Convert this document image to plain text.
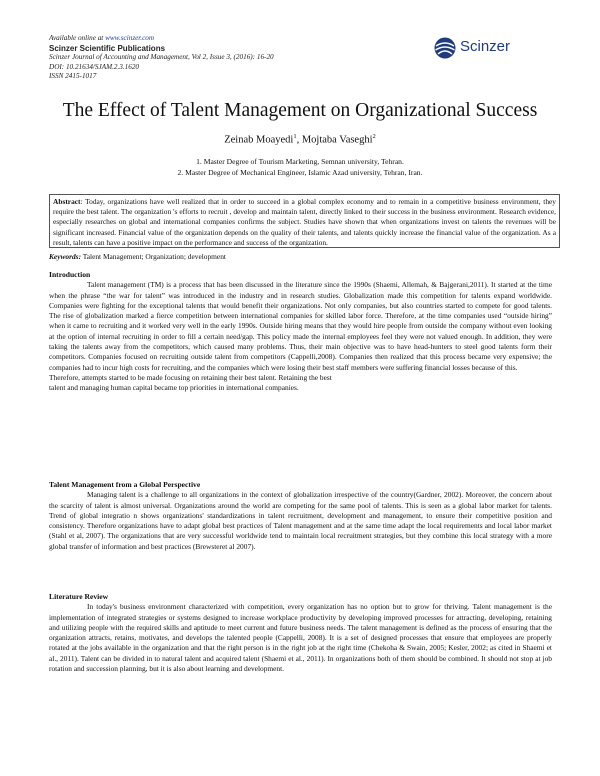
Available online at www.scinzer.com
Scinzer Scientific Publications
Scinzer Journal of Accounting and Management, Vol 2, Issue 3, (2016): 16-20
DOI: 10.21634/SJAM.2.3.1620
ISSN 2415-1017
Scinzer
The Effect of Talent Management on Organizational Success
Zeinab Moayedi$^1$, Mojtaba Vaseghi$^2$
1. Master Degree of Tourism Marketing, Semnan university, Tehran.
2. Master Degree of Mechanical Engineer, Islamic Azad university, Tehran, Iran.

Abstract: Today, organizations have well realized that in order to succeed in a global complex economy and to remain in a competitive business environment, they require the best talent. The organization 's efforts to recruit , develop and maintain talent, directly linked to their success in the business environment. Research evidence, especially researches on global and international companies confirms the subject. Studies have shown that when organizations invest on talents the revenues will be significant increased. Financial value of the organization depends on the quality of their talents, and talents quickly increase the financial value of the organization. As a result, talents can have a positive impact on the performance and success of the organization.

Keywords: Talent Management; Organization; development
Introduction

Talent management (TM) is a process that has been discussed in the literature since the 1990s (Shaemi, Allemah, & Bajgerani,2011). It started at the time when the phrase “the war for talent” was introduced in the industry and in research studies. Globalization made this competition for talents expand worldwide. Companies were fighting for the exceptional talents that would benefit their organizations. Not only companies, but also countries started to compete for good talents. The rise of globalization marked a fierce competition between international companies for skilled labor force. Therefore, at the time companies used “outside hiring” when it came to recruiting and it worked very well in the early 1990s. Outside hiring means that they would hire people from outside the company without even looking at the option of internal recruiting in order to fill a certain need/gap. This policy made the internal employees feel they were not valued enough. In addition, they were taking the talents away from the competitors, which caused many problems. Thus, their main objective was to have head-hunters to steel good talents form their competitors. Companies focused on recruiting outside talent from competitors (Cappelli,2008). Companies then realized that this process became very expensive; the companies had to incur high costs for recruiting, and the companies which were losing their best staff members were suffering financial losses because of this.

Therefore, attempts started to be made focusing on retaining their best talent. Retaining the best

talent and managing human capital became top priorities in international companies.

Talent Management from a Global Perspective

Managing talent is a challenge to all organizations in the context of globalization irrespective of the country(Gardner, 2002). Moreover, the concern about the scarcity of talent is almost universal. Organizations around the world are competing for the same pool of talents. This is seen as a global labor market for talents. Trend of global integratio n shows organizations' standardizations in talent recruitment, development and management, to ensure their competitive position and consistency. Therefore organizations have to adapt global best practices of Talent management and at the same time adapt the local requirements and local labor market (Stahl et al, 2007). The organizations that are very successful worldwide tend to maintain local recruitment strategies, but they combine this local strategy with a more global transfer of information and best practices (Brewsteret al 2007).

Literature Review

In today's business environment characterized with competition, every organization has no option but to grow for thriving. Talent management is the implementation of integrated strategies or systems designed to increase workplace productivity by developing improved processes for attracting, developing, retaining and utilizing people with the required skills and aptitude to meet current and future business needs. The talent management is defined as the process of ensuring that the organization attracts, retains, motivates, and develops the talented people (Cappelli, 2008). It is a set of designed processes that ensure that employees are properly rotated at the jobs available in the organization and that the right person is in the right job at the right time (Chekoha & Swain, 2005; Kesler, 2002; as cited in Shaemi et al., 2011). Talent can be divided in to natural talent and acquired talent (Shaemi et al., 2011). In organizations both of them should be combined. It should not stop at job rotation and succession planning, but it is also about learning and development.
